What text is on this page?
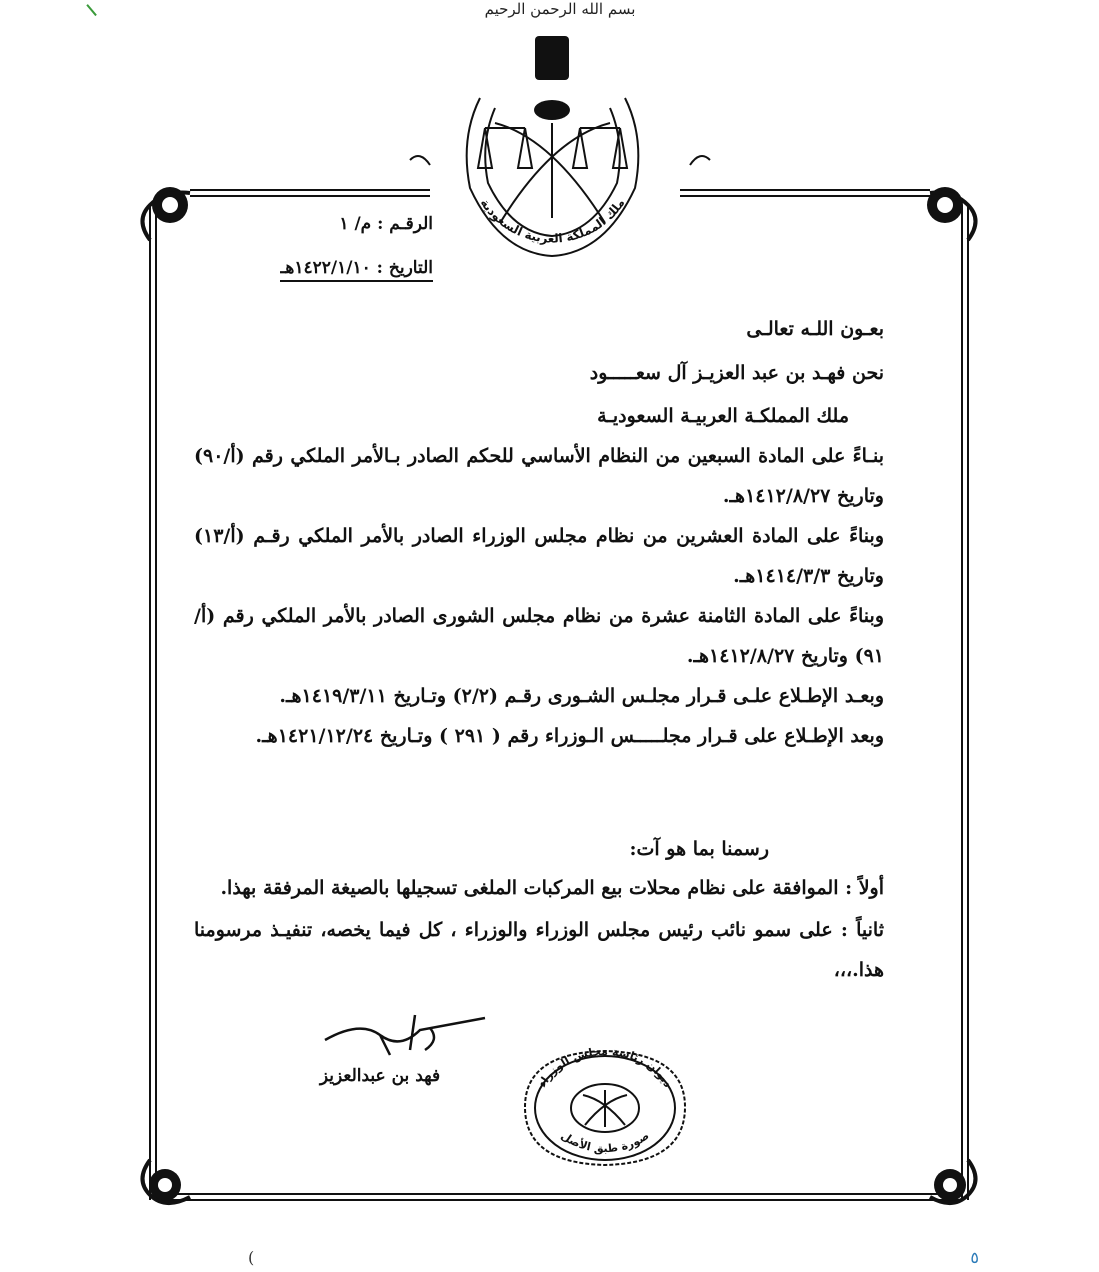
بسم الله الرحمن الرحيم
ملك المملكة العربية السعودية
الرقـم : م/ ١
التاريخ : ١٤٢٢/١/١٠هـ
بعـون اللـه تعالـى
نحن فهـد بن عبد العزيـز آل سعـــــود
ملك المملكـة العربيـة السعوديـة

بنـاءً على المادة السبعين من النظام الأساسي للحكم الصادر بـالأمر الملكي رقم (أ/٩٠) وتاريخ ١٤١٢/٨/٢٧هـ.

وبناءً على المادة العشرين من نظام مجلس الوزراء الصادر بالأمر الملكي رقـم (أ/١٣) وتاريخ ١٤١٤/٣/٣هـ.

وبناءً على المادة الثامنة عشرة من نظام مجلس الشورى الصادر بالأمر الملكي رقم (أ/٩١) وتاريخ ١٤١٢/٨/٢٧هـ.

وبعـد الإطـلاع علـى قـرار مجلـس الشـورى رقـم (٢/٢) وتـاريخ ١٤١٩/٣/١١هـ.

وبعد الإطـلاع على قـرار مجلـــــس الـوزراء رقم ( ٢٩١ ) وتـاريخ ١٤٢١/١٢/٢٤هـ.

رسمنا بما هو آت:

أولاً : الموافقة على نظام محلات بيع المركبات الملغى تسجيلها بالصيغة المرفقة بهذا.

ثانياً : على سمو نائب رئيس مجلس الوزراء والوزراء ، كل فيما يخصه، تنفيـذ مرسومنا هذا.،،،

فهد بن عبدالعزيز	ديوان رئاسة مجلس الوزراء
صورة طبق الأصل
٥
(
